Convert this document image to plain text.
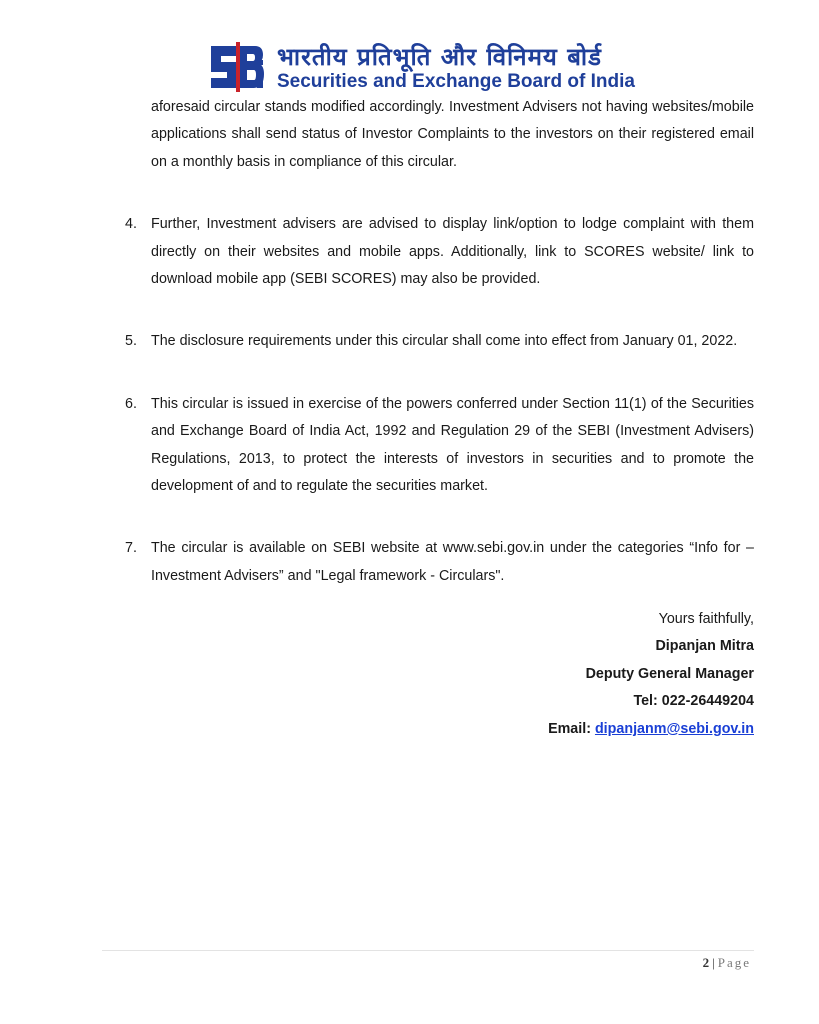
भारतीय प्रतिभूति और विनिमय बोर्ड
Securities and Exchange Board of India

aforesaid circular stands modified accordingly. Investment Advisers not having websites/mobile applications shall send status of Investor Complaints to the investors on their registered email on a monthly basis in compliance of this circular.

4. Further, Investment advisers are advised to display link/option to lodge complaint with them directly on their websites and mobile apps. Additionally, link to SCORES website/ link to download mobile app (SEBI SCORES) may also be provided.
5. The disclosure requirements under this circular shall come into effect from January 01, 2022.
6. This circular is issued in exercise of the powers conferred under Section 11(1) of the Securities and Exchange Board of India Act, 1992 and Regulation 29 of the SEBI (Investment Advisers) Regulations, 2013, to protect the interests of investors in securities and to promote the development of and to regulate the securities market.
7. The circular is available on SEBI website at www.sebi.gov.in under the categories “Info for – Investment Advisers” and "Legal framework - Circulars".
Yours faithfully,
Dipanjan Mitra
Deputy General Manager
Tel: 022-26449204
Email: dipanjanm@sebi.gov.in
2 | Page
